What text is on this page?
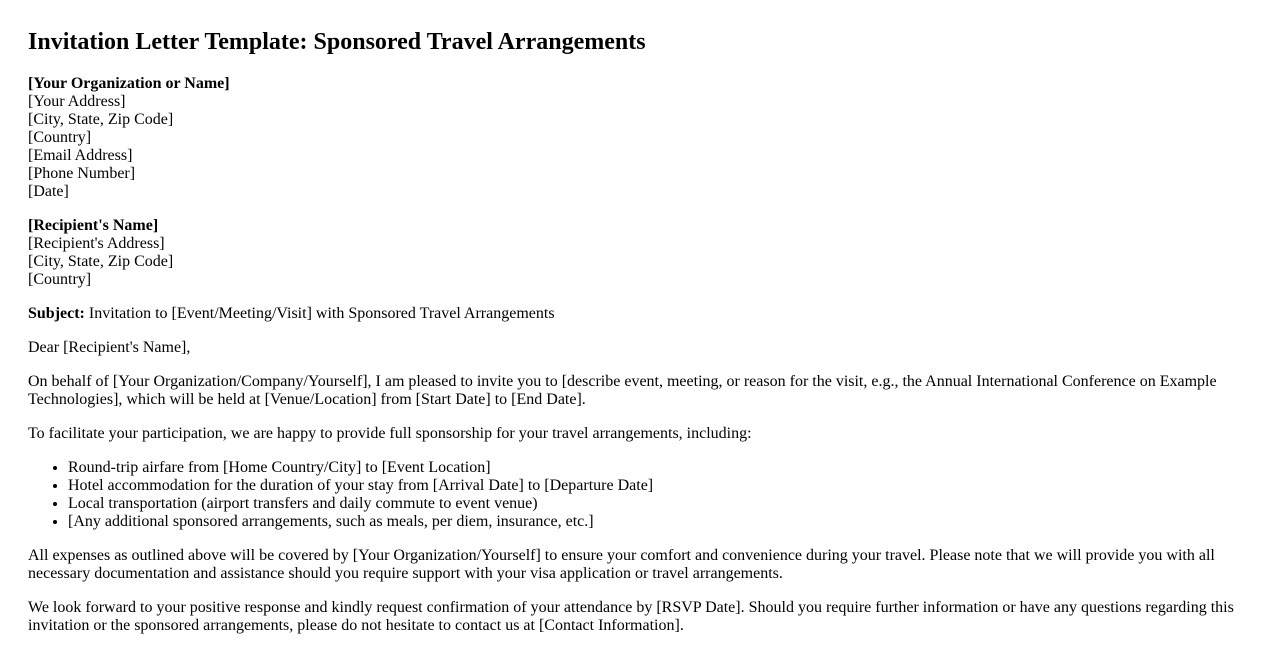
Invitation Letter Template: Sponsored Travel Arrangements
[Your Organization or Name]
[Your Address]
[City, State, Zip Code]
[Country]
[Email Address]
[Phone Number]
[Date]
[Recipient's Name]
[Recipient's Address]
[City, State, Zip Code]
[Country]

Subject: Invitation to [Event/Meeting/Visit] with Sponsored Travel Arrangements

Dear [Recipient's Name],

On behalf of [Your Organization/Company/Yourself], I am pleased to invite you to [describe event, meeting, or reason for the visit, e.g., the Annual International Conference on Example Technologies], which will be held at [Venue/Location] from [Start Date] to [End Date].

To facilitate your participation, we are happy to provide full sponsorship for your travel arrangements, including:

• Round-trip airfare from [Home Country/City] to [Event Location]
• Hotel accommodation for the duration of your stay from [Arrival Date] to [Departure Date]
• Local transportation (airport transfers and daily commute to event venue)
• [Any additional sponsored arrangements, such as meals, per diem, insurance, etc.]

All expenses as outlined above will be covered by [Your Organization/Yourself] to ensure your comfort and convenience during your travel. Please note that we will provide you with all necessary documentation and assistance should you require support with your visa application or travel arrangements.

We look forward to your positive response and kindly request confirmation of your attendance by [RSVP Date]. Should you require further information or have any questions regarding this invitation or the sponsored arrangements, please do not hesitate to contact us at [Contact Information].
